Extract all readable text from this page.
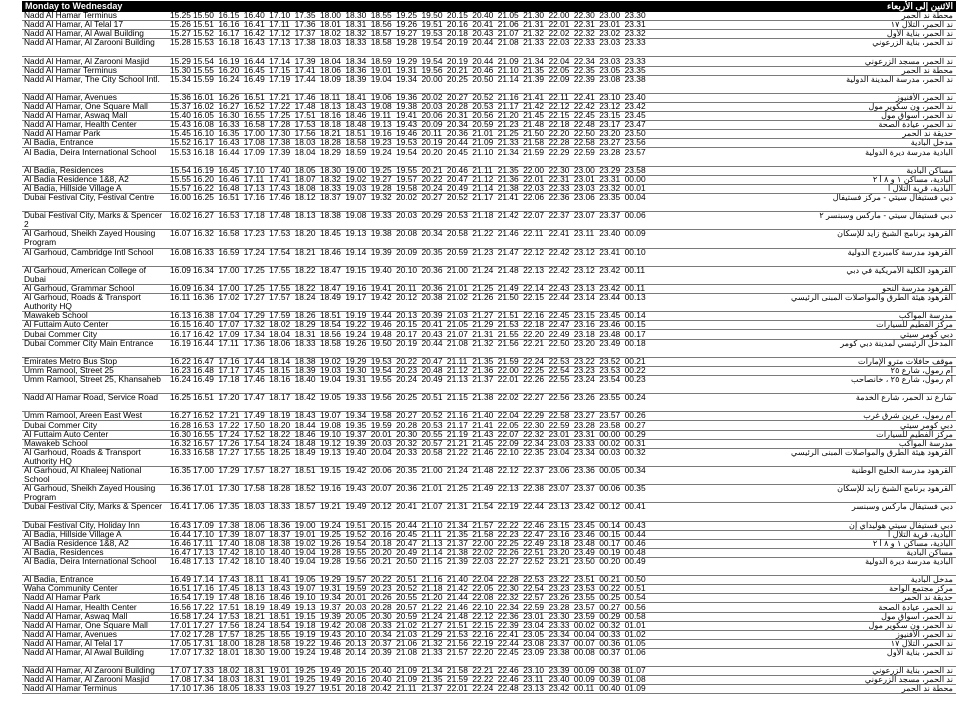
Monday to Wednesday	الاثنين إلى الأربعاء
Nadd Al Hamar Terminus	15.25 15.50 16.15 16.40 17.10 17.35 18.00 18.30 18.55 19.25 19.50 20.15 20.40 21.05 21.30 22.00 22.30 23.00 23.30	محطة ند الحمر
Nadd Al Hamar, Al Telal 17	15.26 15.51 16.16 16.41 17.11 17.36 18.01 18.31 18.56 19.26 19.51 20.16 20.41 21.06 21.31 22.01 22.31 23.01 23.31	ند الحمر، التلال ١٧
Nadd Al Hamar, Al Awal Building	15.27 15.52 16.17 16.42 17.12 17.37 18.02 18.32 18.57 19.27 19.53 20.18 20.43 21.07 21.32 22.02 22.32 23.02 23.32	ند الحمر، بناية الأول
Nadd Al Hamar, Al Zarooni Building	15.28 15.53 16.18 16.43 17.13 17.38 18.03 18.33 18.58 19.28 19.54 20.19 20.44 21.08 21.33 22.03 22.33 23.03 23.33	ند الحمر، بناية الزرعوني
Nadd Al Hamar, Al Zarooni Masjid	15.29 15.54 16.19 16.44 17.14 17.39 18.04 18.34 18.59 19.29 19.54 20.19 20.44 21.09 21.34 22.04 22.34 23.03 23.33	ند الحمر، مسجد الزرعوني
Nadd Al Hamar Terminus	15.30 15.55 16.20 16.45 17.15 17.41 18.06 18.36 19.01 19.31 19.56 20.21 20.46 21.10 21.35 22.05 22.35 23.05 23.35	محطة ند الحمر
Nadd Al Hamar, The City School Intl.	15.34 15.59 16.24 16.49 17.19 17.44 18.09 18.39 19.04 19.34 20.00 20.25 20.50 21.14 21.39 22.09 22.39 23.08 23.38	ند الحمر، مدرسة المدينة الدولية
Nadd Al Hamar, Avenues	15.36 16.01 16.26 16.51 17.21 17.46 18.11 18.41 19.06 19.36 20.02 20.27 20.52 21.16 21.41 22.11 22.41 23.10 23.40	ند الحمر، الأفنيوز
Nadd Al Hamar, One Square Mall	15.37 16.02 16.27 16.52 17.22 17.48 18.13 18.43 19.08 19.38 20.03 20.28 20.53 21.17 21.42 22.12 22.42 23.12 23.42	ند الحمر، ون سكوير مول
Nadd Al Hamar, Aswaq Mall	15.40 16.05 16.30 16.55 17.25 17.51 18.16 18.46 19.11 19.41 20.06 20.31 20.56 21.20 21.45 22.15 22.45 23.15 23.45	ند الحمر، أسواق مول
Nadd Al Hamar, Health Center	15.43 16.08 16.33 16.58 17.28 17.53 18.18 18.48 19.13 19.43 20.09 20.34 20.59 21.23 21.48 22.18 22.48 23.17 23.47	ند الحمر، عيادة الصحة
Nadd Al Hamar Park	15.45 16.10 16.35 17.00 17.30 17.56 18.21 18.51 19.16 19.46 20.11 20.36 21.01 21.25 21.50 22.20 22.50 23.20 23.50	حديقة ند الحمر
Al Badia, Entrance	15.52 16.17 16.43 17.08 17.38 18.03 18.28 18.58 19.23 19.53 20.19 20.44 21.09 21.33 21.58 22.28 22.58 23.27 23.56	مدخل البادية
Al Badia, Deira International School	15.53 16.18 16.44 17.09 17.39 18.04 18.29 18.59 19.24 19.54 20.20 20.45 21.10 21.34 21.59 22.29 22.59 23.28 23.57	البادية مدرسة ديرة الدولية
Al Badia, Residences	15.54 16.19 16.45 17.10 17.40 18.05 18.30 19.00 19.25 19.55 20.21 20.46 21.11 21.35 22.00 22.30 23.00 23.29 23.58	مساكن البادية
Al Badia Residence 1&8, A2	15.55 16.20 16.46 17.11 17.41 18.07 18.32 19.02 19.27 19.57 20.22 20.47 21.12 21.36 22.01 22.31 23.01 23.31 00.00	البادية، مساكن ١ و ٨ أ ٢
Al Badia, Hillside Village A	15.57 16.22 16.48 17.13 17.43 18.08 18.33 19.03 19.28 19.58 20.24 20.49 21.14 21.38 22.03 22.33 23.03 23.32 00.01	البادية، قرية التلال أ
Dubai Festival City, Festival Centre	16.00 16.25 16.51 17.16 17.46 18.12 18.37 19.07 19.32 20.02 20.27 20.52 21.17 21.41 22.06 22.36 23.06 23.35 00.04	دبي فستيفال سيتي - مركز فستيفال
Dubai Festival City, Marks & Spencer 2
16.02 16.27 16.53 17.18 17.48 18.13 18.38 19.08 19.33 20.03 20.29 20.53 21.18 21.42 22.07 22.37 23.07 23.37 00.06	دبي فستيفال سيتي - ماركس وسبنسر ٢
Al Garhoud, Sheikh Zayed Housing Program
16.07 16.32 16.58 17.23 17.53 18.20 18.45 19.13 19.38 20.08 20.34 20.58 21.22 21.46 22.11 22.41 23.11 23.40 00.09	القرهود برنامج الشيخ زايد للإسكان
Al Garhoud, Cambridge Intl School	16.08 16.33 16.59 17.24 17.54 18.21 18.46 19.14 19.39 20.09 20.35 20.59 21.23 21.47 22.12 22.42 23.12 23.41 00.10	القرهود مدرسة كامبردج الدولية
Al Garhoud, American College of Dubai
16.09 16.34 17.00 17.25 17.55 18.22 18.47 19.15 19.40 20.10 20.36 21.00 21.24 21.48 22.13 22.42 23.12 23.42 00.11	القرهود الكلية الأمريكية في دبي
Al Garhoud, Grammar School	16.09 16.34 17.00 17.25 17.55 18.22 18.47 19.16 19.41 20.11 20.36 21.01 21.25 21.49 22.14 22.43 23.13 23.42 00.11	القرهود مدرسة النحو
Al Garhoud, Roads & Transport Authority HQ
16.11 16.36 17.02 17.27 17.57 18.24 18.49 19.17 19.42 20.12 20.38 21.02 21.26 21.50 22.15 22.44 23.14 23.44 00.13	القرهود هيئة الطرق والمواصلات المبنى الرئيسي
Mawakeb School	16.13 16.38 17.04 17.29 17.59 18.26 18.51 19.19 19.44 20.13 20.39 21.03 21.27 21.51 22.16 22.45 23.15 23.45 00.14	مدرسة المواكب
Al Futtaim Auto Center	16.15 16.40 17.07 17.32 18.02 18.29 18.54 19.22 19.46 20.15 20.41 21.05 21.29 21.53 22.18 22.47 23.16 23.46 00.15	مركز الفطيم للسيارات
Dubai Commer City	16.17 16.42 17.09 17.34 18.04 18.31 18.56 19.24 19.48 20.17 20.43 21.07 21.31 21.55 22.20 22.49 23.18 23.48 00.17	دبي كومر سيتي
Dubai Commer City Main Entrance	16.19 16.44 17.11 17.36 18.06 18.33 18.58 19.26 19.50 20.19 20.44 21.08 21.32 21.56 22.21 22.50 23.20 23.49 00.18	المدخل الرئيسي لمدينة دبي كومر
Emirates Metro Bus Stop	16.22 16.47 17.16 17.44 18.14 18.38 19.02 19.29 19.53 20.22 20.47 21.11 21.35 21.59 22.24 22.53 23.22 23.52 00.21	موقف حافلات مترو الإمارات
Umm Ramool, Street 25	16.23 16.48 17.17 17.45 18.15 18.39 19.03 19.30 19.54 20.23 20.48 21.12 21.36 22.00 22.25 22.54 23.23 23.53 00.22	أم رمول، شارع ٢٥
Umm Ramool, Street 25, Khansaheb	16.24 16.49 17.18 17.46 18.16 18.40 19.04 19.31 19.55 20.24 20.49 21.13 21.37 22.01 22.26 22.55 23.24 23.54 00.23	أم رمول، شارع ٢٥ ، خانصاحب
Nadd Al Hamar Road, Service Road	16.25 16.51 17.20 17.47 18.17 18.42 19.05 19.33 19.56 20.25 20.51 21.15 21.38 22.02 22.27 22.56 23.26 23.55 00.24	شارع ند الحمر، شارع الخدمة
Umm Ramool, Areen East West	16.27 16.52 17.21 17.49 18.19 18.43 19.07 19.34 19.58 20.27 20.52 21.16 21.40 22.04 22.29 22.58 23.27 23.57 00.26	أم رمول، عرين شرق غرب
Dubai Commer City	16.28 16.53 17.22 17.50 18.20 18.44 19.08 19.35 19.59 20.28 20.53 21.17 21.41 22.05 22.30 22.59 23.28 23.58 00.27	دبي كومر سيتي
Al Futtaim Auto Center	16.30 16.55 17.24 17.52 18.22 18.46 19.10 19.37 20.01 20.30 20.55 21.19 21.43 22.07 22.32 23.01 23.31 00.00 00.29	مركز الفطيم للسيارات
Mawakeb School	16.32 16.57 17.26 17.54 18.24 18.48 19.12 19.39 20.03 20.32 20.57 21.21 21.45 22.09 22.34 23.03 23.33 00.02 00.31	مدرسة المواكب
Al Garhoud, Roads & Transport Authority HQ
16.33 16.58 17.27 17.55 18.25 18.49 19.13 19.40 20.04 20.33 20.58 21.22 21.46 22.10 22.35 23.04 23.34 00.03 00.32	القرهود هيئة الطرق والمواصلات المبنى الرئيسي
Al Garhoud, Al Khaleej National School
16.35 17.00 17.29 17.57 18.27 18.51 19.15 19.42 20.06 20.35 21.00 21.24 21.48 22.12 22.37 23.06 23.36 00.05 00.34	القرهود مدرسة الخليج الوطنية
Al Garhoud, Sheikh Zayed Housing Program
16.36 17.01 17.30 17.58 18.28 18.52 19.16 19.43 20.07 20.36 21.01 21.25 21.49 22.13 22.38 23.07 23.37 00.06 00.35	القرهود برنامج الشيخ زايد للإسكان
Dubai Festival City, Marks & Spencer 16.41 17.06 17.35 18.03 18.33 18.57 19.21 19.49 20.12 20.41 21.07 21.31 21.54 22.19 22.44 23.13 23.42 00.12 00.41	دبي فستيفال ماركس وسبنسر
Dubai Festival City, Holiday Inn	16.43 17.09 17.38 18.06 18.36 19.00 19.24 19.51 20.15 20.44 21.10 21.34 21.57 22.22 22.46 23.15 23.45 00.14 00.43	دبي فستيفال سيتي هوليداي إن
Al Badia, Hillside Village A	16.44 17.10 17.39 18.07 18.37 19.01 19.25 19.52 20.16 20.45 21.11 21.35 21.58 22.23 22.47 23.16 23.46 00.15 00.44	البادية، قرية التلال أ
Al Badia Residence 1&8, A2	16.46 17.11 17.40 18.08 18.38 19.02 19.26 19.54 20.18 20.47 21.13 21.37 22.00 22.25 22.49 23.18 23.48 00.17 00.46	البادية، مساكن ١ و ٨ أ ٢
Al Badia, Residences	16.47 17.13 17.42 18.10 18.40 19.04 19.28 19.55 20.20 20.49 21.14 21.38 22.02 22.26 22.51 23.20 23.49 00.19 00.48	مساكن البادية
Al Badia, Deira International School	16.48 17.13 17.42 18.10 18.40 19.04 19.28 19.56 20.21 20.50 21.15 21.39 22.03 22.27 22.52 23.21 23.50 00.20 00.49	البادية مدرسة ديرة الدولية
Al Badia, Entrance	16.49 17.14 17.43 18.11 18.41 19.05 19.29 19.57 20.22 20.51 21.16 21.40 22.04 22.28 22.53 23.22 23.51 00.21 00.50	مدخل البادية
Waha Community Center	16.51 17.16 17.45 18.13 18.43 19.07 19.31 19.59 20.23 20.52 21.18 21.42 22.05 22.30 22.54 23.23 23.53 00.22 00.51	مركز مجتمع الواحة
Nadd Al Hamar Park	16.54 17.19 17.48 18.16 18.46 19.10 19.34 20.01 20.26 20.55 21.20 21.44 22.08 22.32 22.57 23.26 23.55 00.25 00.54	حديقة ند الحمر
Nadd Al Hamar, Health Center	16.56 17.22 17.51 18.19 18.49 19.13 19.37 20.03 20.28 20.57 21.22 21.46 22.10 22.34 22.59 23.28 23.57 00.27 00.56	ند الحمر، عيادة الصحة
Nadd Al Hamar, Aswaq Mall	16.58 17.24 17.53 18.21 18.51 19.15 19.39 20.05 20.30 20.59 21.24 21.48 22.12 22.36 23.01 23.30 23.59 00.29 00.58	ند الحمر، أسواق مول
Nadd Al Hamar, One Square Mall	17.01 17.27 17.56 18.24 18.54 19.18 19.42 20.08 20.33 21.02 21.27 21.51 22.15 22.39 23.04 23.33 00.02 00.32 01.01	ند الحمر، ون سكوير مول
Nadd Al Hamar, Avenues	17.02 17.28 17.57 18.25 18.55 19.19 19.43 20.10 20.34 21.03 21.29 21.53 22.16 22.41 23.05 23.34 00.04 00.33 01.02	ند الحمر، الأفنيوز
Nadd Al Hamar, Al Telal 17	17.05 17.31 18.00 18.28 18.58 19.22 19.46 20.13 20.37 21.06 21.32 21.56 22.19 22.44 23.08 23.37 00.07 00.36 01.05	ند الحمر، التلال ١٧
Nadd Al Hamar, Al Awal Building	17.07 17.32 18.01 18.30 19.00 19.24 19.48 20.14 20.39 21.08 21.33 21.57 22.20 22.45 23.09 23.38 00.08 00.37 01.06	ند الحمر، بناية الأول
Nadd Al Hamar, Al Zarooni Building	17.07 17.33 18.02 18.31 19.01 19.25 19.49 20.15 20.40 21.09 21.34 21.58 22.21 22.46 23.10 23.39 00.09 00.38 01.07	ند الحمر، بناية الزرعوني
Nadd Al Hamar, Al Zarooni Masjid	17.08 17.34 18.03 18.31 19.01 19.25 19.49 20.16 20.40 21.09 21.35 21.59 22.22 22.46 23.11 23.40 00.09 00.39 01.08	ند الحمر، مسجد الزرعوني
Nadd Al Hamar Terminus	17.10 17.36 18.05 18.33 19.03 19.27 19.51 20.18 20.42 21.11 21.37 22.01 22.24 22.48 23.13 23.42 00.11 00.40 01.09	محطة ند الحمر
